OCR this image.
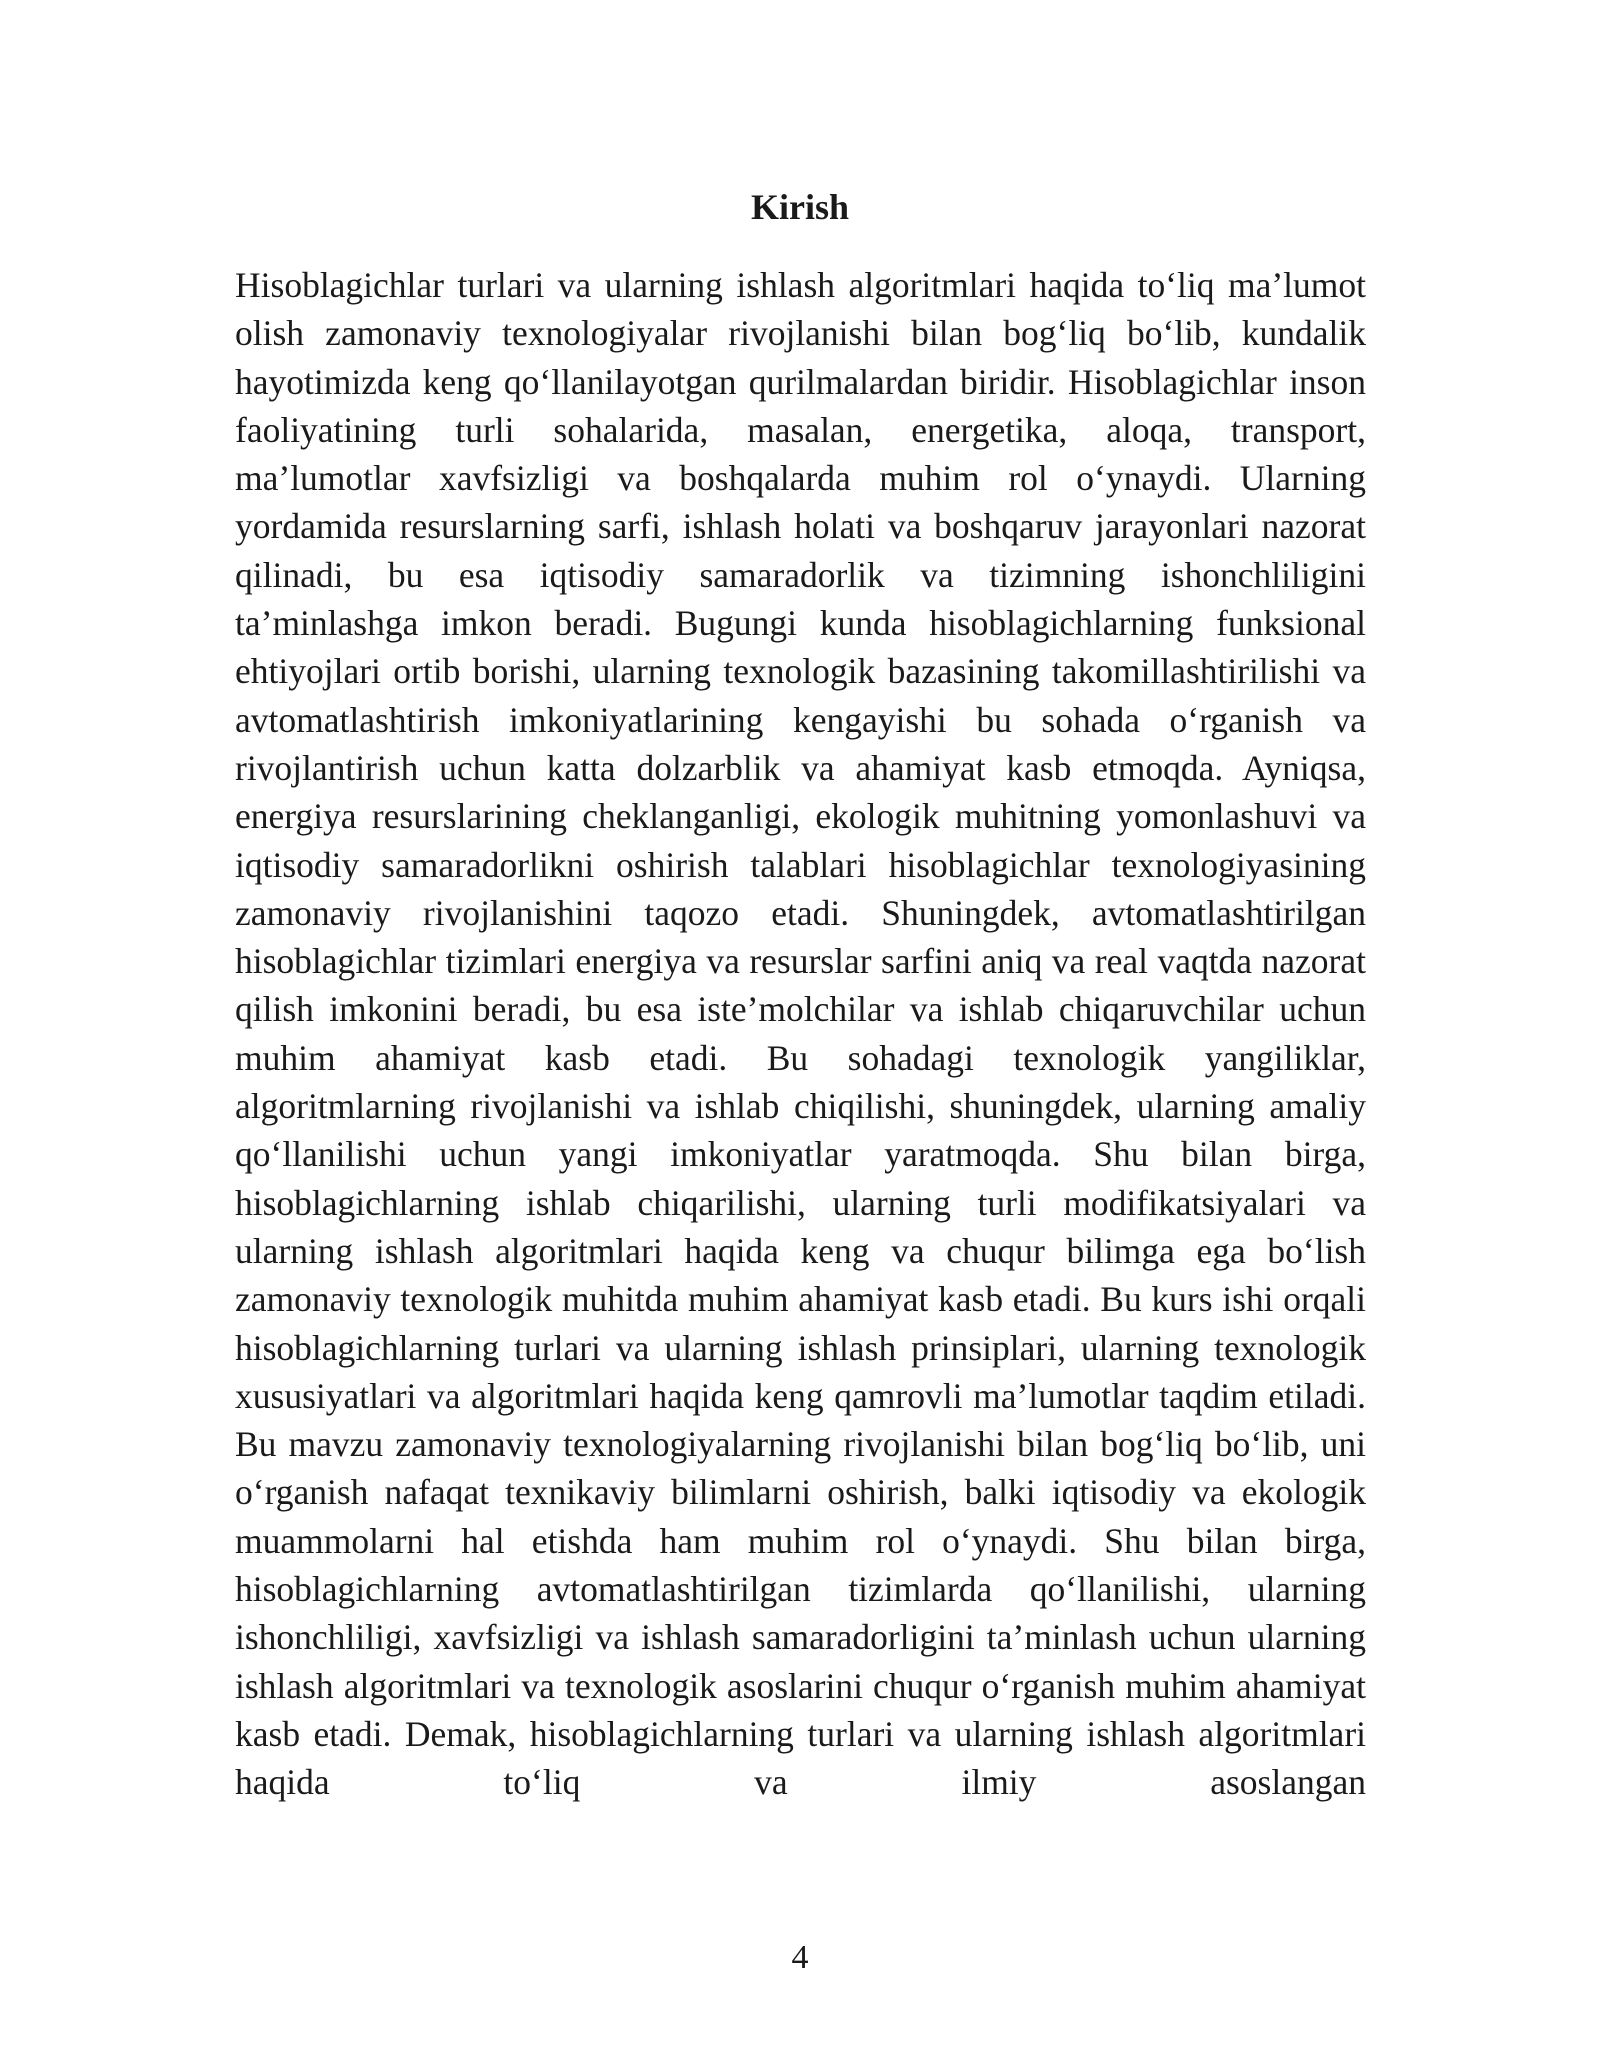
Kirish

Hisoblagichlar turlari va ularning ishlash algoritmlari haqida to‘liq ma’lumot olish zamonaviy texnologiyalar rivojlanishi bilan bog‘liq bo‘lib, kundalik hayotimizda keng qo‘llanilayotgan qurilmalardan biridir. Hisoblagichlar inson faoliyatining turli sohalarida, masalan, energetika, aloqa, transport, ma’lumotlar xavfsizligi va boshqalarda muhim rol o‘ynaydi. Ularning yordamida resurslarning sarfi, ishlash holati va boshqaruv jarayonlari nazorat qilinadi, bu esa iqtisodiy samaradorlik va tizimning ishonchliligini ta’minlashga imkon beradi. Bugungi kunda hisoblagichlarning funksional ehtiyojlari ortib borishi, ularning texnologik bazasining takomillashtirilishi va avtomatlashtirish imkoniyatlarining kengayishi bu sohada o‘rganish va rivojlantirish uchun katta dolzarblik va ahamiyat kasb etmoqda. Ayniqsa, energiya resurslarining cheklanganligi, ekologik muhitning yomonlashuvi va iqtisodiy samaradorlikni oshirish talablari hisoblagichlar texnologiyasining zamonaviy rivojlanishini taqozo etadi. Shuningdek, avtomatlashtirilgan hisoblagichlar tizimlari energiya va resurslar sarfini aniq va real vaqtda nazorat qilish imkonini beradi, bu esa iste’molchilar va ishlab chiqaruvchilar uchun muhim ahamiyat kasb etadi. Bu sohadagi texnologik yangiliklar, algoritmlarning rivojlanishi va ishlab chiqilishi, shuningdek, ularning amaliy qo‘llanilishi uchun yangi imkoniyatlar yaratmoqda. Shu bilan birga, hisoblagichlarning ishlab chiqarilishi, ularning turli modifikatsiyalari va ularning ishlash algoritmlari haqida keng va chuqur bilimga ega bo‘lish zamonaviy texnologik muhitda muhim ahamiyat kasb etadi. Bu kurs ishi orqali hisoblagichlarning turlari va ularning ishlash prinsiplari, ularning texnologik xususiyatlari va algoritmlari haqida keng qamrovli ma’lumotlar taqdim etiladi. Bu mavzu zamonaviy texnologiyalarning rivojlanishi bilan bog‘liq bo‘lib, uni o‘rganish nafaqat texnikaviy bilimlarni oshirish, balki iqtisodiy va ekologik muammolarni hal etishda ham muhim rol o‘ynaydi. Shu bilan birga, hisoblagichlarning avtomatlashtirilgan tizimlarda qo‘llanilishi, ularning ishonchliligi, xavfsizligi va ishlash samaradorligini ta’minlash uchun ularning ishlash algoritmlari va texnologik asoslarini chuqur o‘rganish muhim ahamiyat kasb etadi. Demak, hisoblagichlarning turlari va ularning ishlash algoritmlari haqida to‘liq va ilmiy asoslangan

4
